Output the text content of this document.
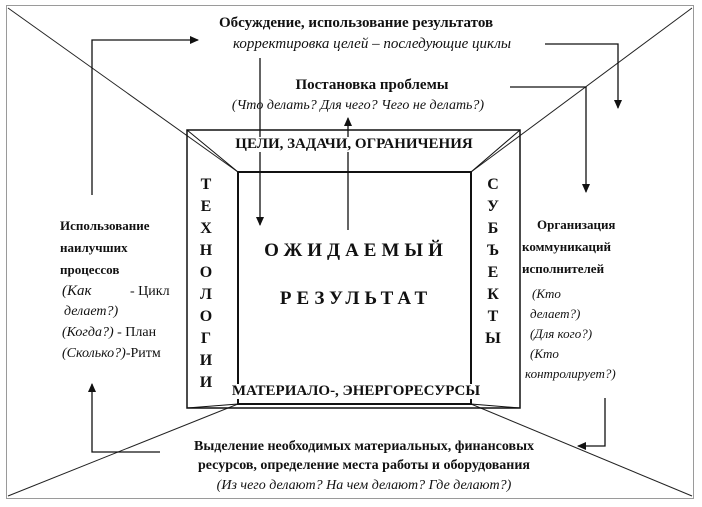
Обсуждение, использование результатов
корректировка целей – последующие циклы
Постановка проблемы
(Что делать? Для чего? Чего не делать?)
ЦЕЛИ, ЗАДАЧИ, ОГРАНИЧЕНИЯ
МАТЕРИАЛО-, ЭНЕРГОРЕСУРСЫ
Т
Е
Х
Н
О
Л
О
Г
И
И
С
У
Б
Ъ
Е
К
Т
Ы
ОЖИДАЕМЫЙ
РЕЗУЛЬТАТ
Использование
наилучших
процессов
(Как	- Цикл
делает?)
(Когда?) - План
(Сколько?)-Ритм
Организация
коммуникаций
исполнителей
(Кто
делает?)
(Для кого?)
(Кто
контролирует?)
Выделение необходимых материальных, финансовых
ресурсов, определение места работы и оборудования
(Из чего делают? На чем делают? Где делают?)
